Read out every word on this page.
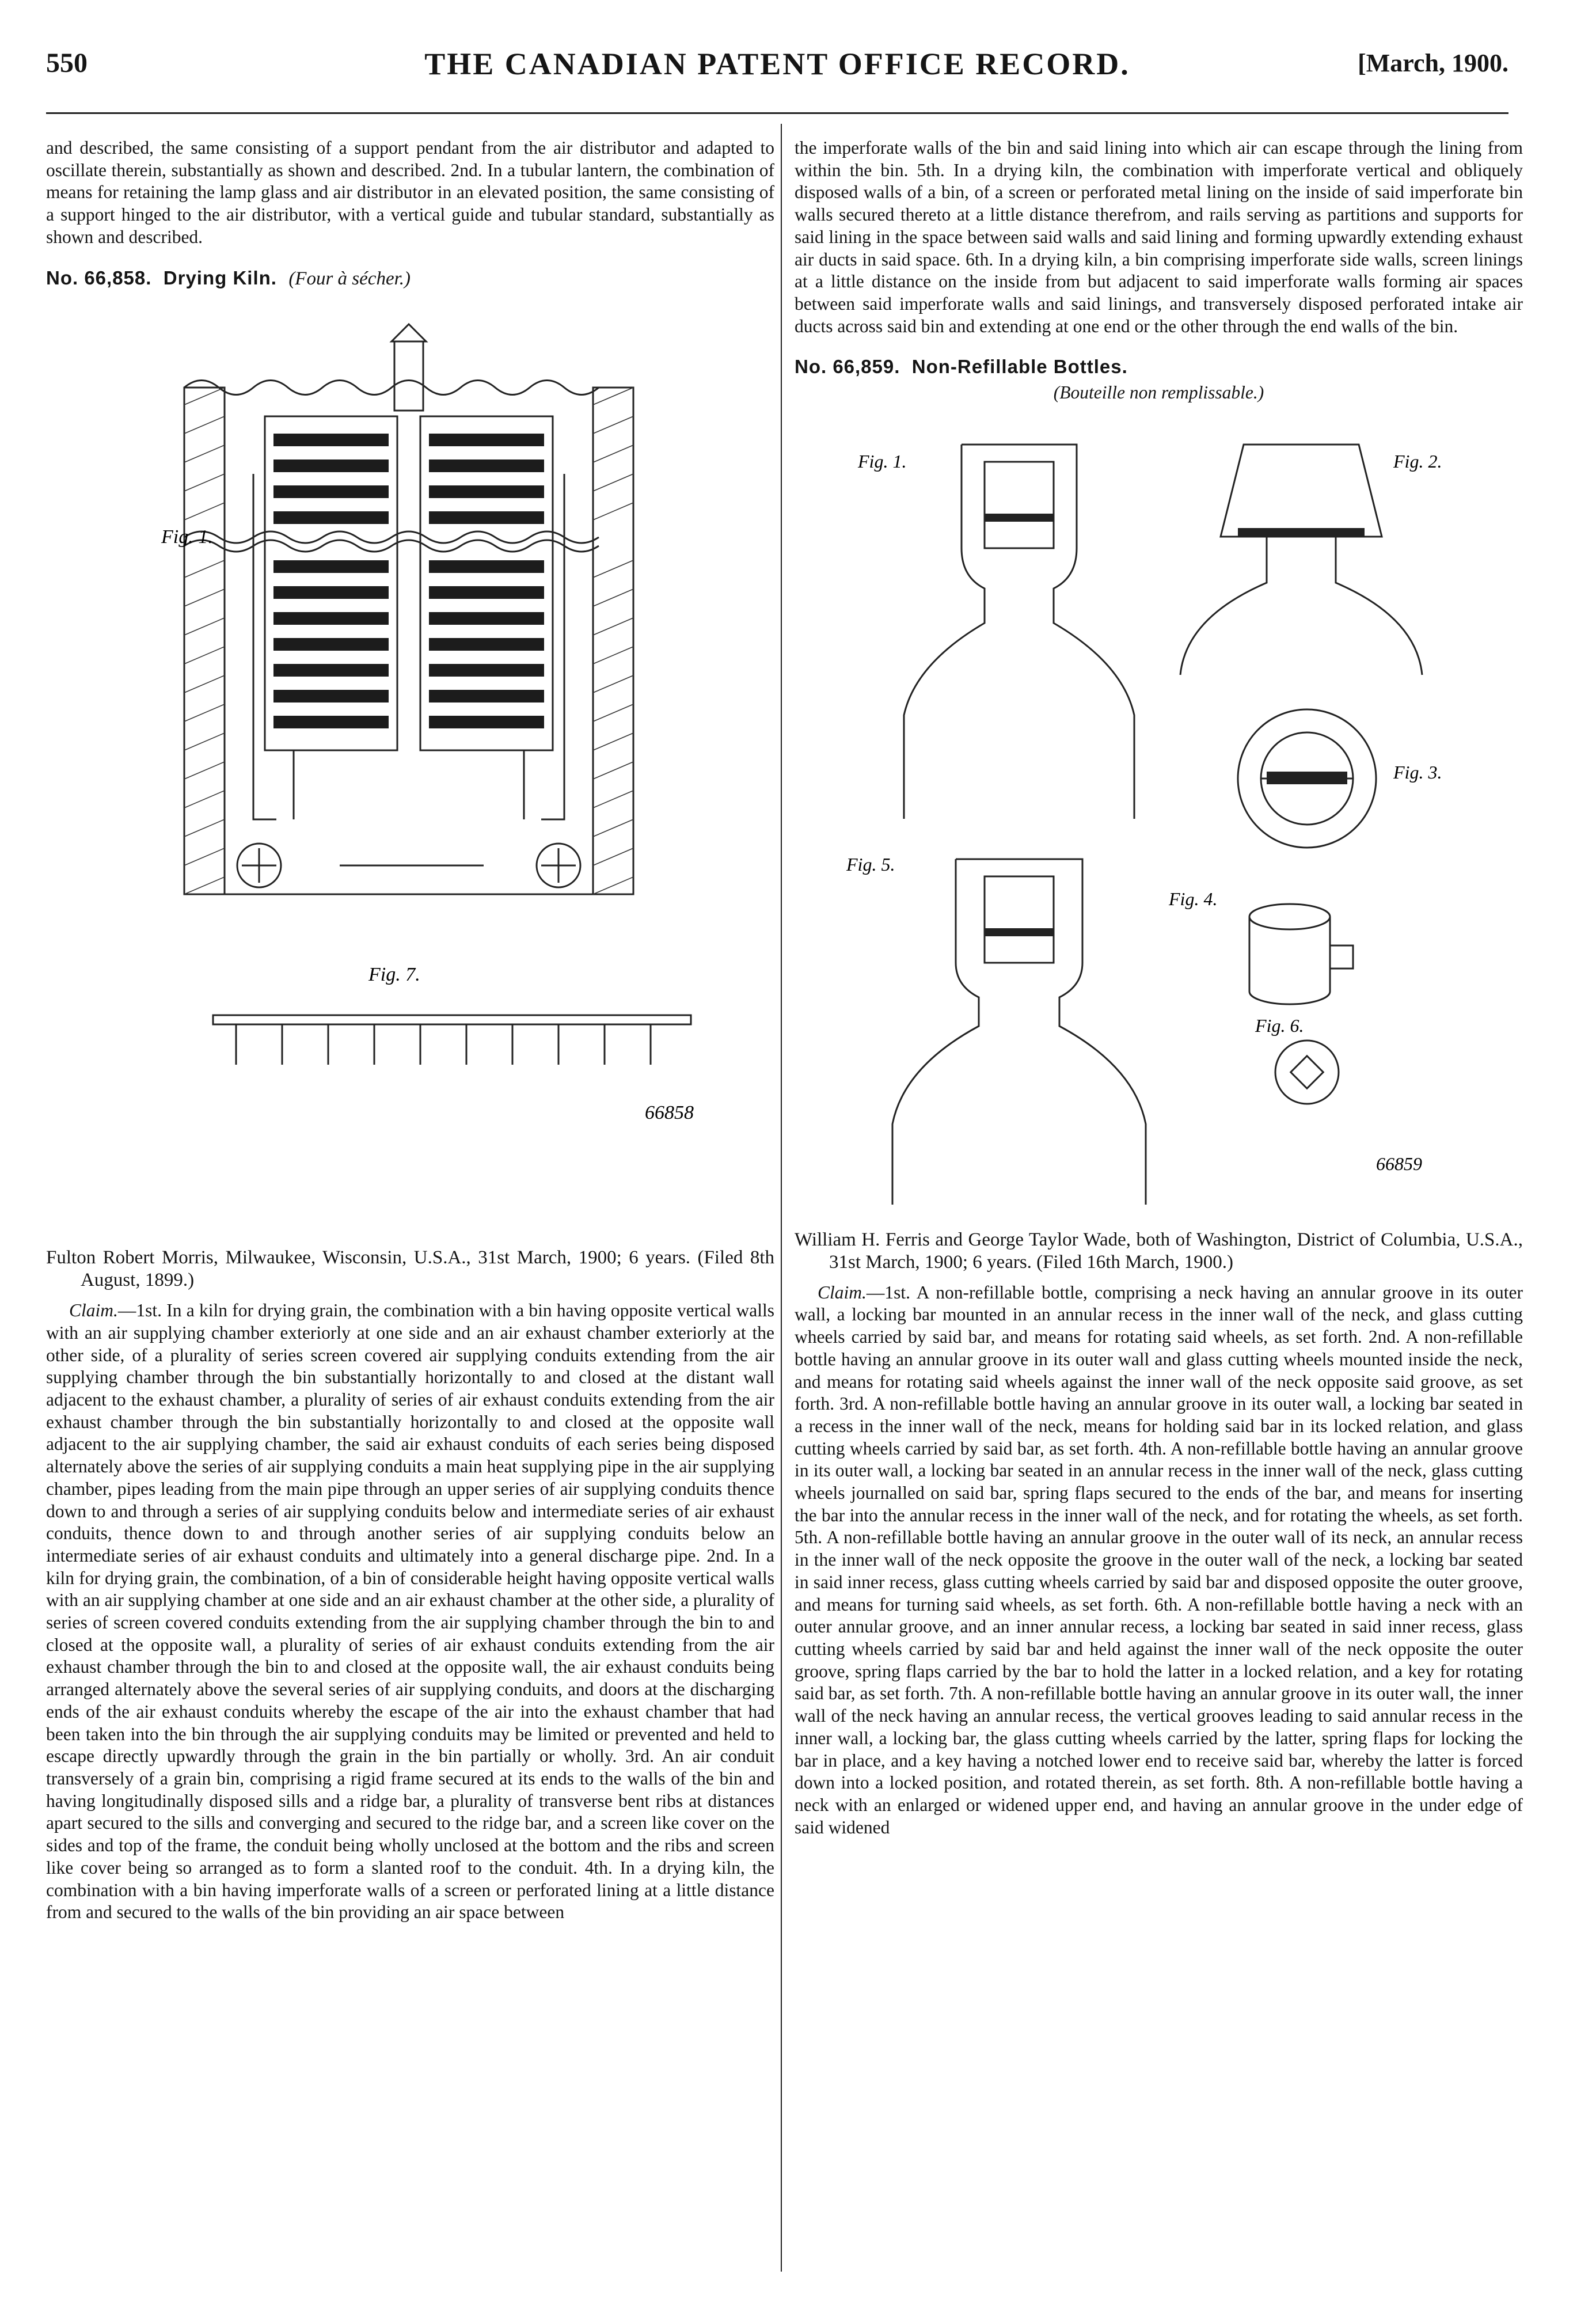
550	THE CANADIAN PATENT OFFICE RECORD.	[March, 1900.

and described, the same consisting of a support pendant from the air distributor and adapted to oscillate therein, substantially as shown and described. 2nd. In a tubular lantern, the combination of means for retaining the lamp glass and air distributor in an elevated position, the same consisting of a support hinged to the air distributor, with a vertical guide and tubular standard, substantially as shown and described.

No. 66,858. Drying Kiln. (Four à sécher.)
Fig. 1.
Fig. 7.
66858

Fulton Robert Morris, Milwaukee, Wisconsin, U.S.A., 31st March, 1900; 6 years. (Filed 8th August, 1899.)

Claim.—1st. In a kiln for drying grain, the combination with a bin having opposite vertical walls with an air supplying chamber exteriorly at one side and an air exhaust chamber exteriorly at the other side, of a plurality of series screen covered air supplying conduits extending from the air supplying chamber through the bin substantially horizontally to and closed at the distant wall adjacent to the exhaust chamber, a plurality of series of air exhaust conduits extending from the air exhaust chamber through the bin substantially horizontally to and closed at the opposite wall adjacent to the air supplying chamber, the said air exhaust conduits of each series being disposed alternately above the series of air supplying conduits a main heat supplying pipe in the air supplying chamber, pipes leading from the main pipe through an upper series of air supplying conduits thence down to and through a series of air supplying conduits below and intermediate series of air exhaust conduits, thence down to and through another series of air supplying conduits below an intermediate series of air exhaust conduits and ultimately into a general discharge pipe. 2nd. In a kiln for drying grain, the combination, of a bin of considerable height having opposite vertical walls with an air supplying chamber at one side and an air exhaust chamber at the other side, a plurality of series of screen covered conduits extending from the air supplying chamber through the bin to and closed at the opposite wall, a plurality of series of air exhaust conduits extending from the air exhaust chamber through the bin to and closed at the opposite wall, the air exhaust conduits being arranged alternately above the several series of air supplying conduits, and doors at the discharging ends of the air exhaust conduits whereby the escape of the air into the exhaust chamber that had been taken into the bin through the air supplying conduits may be limited or prevented and held to escape directly upwardly through the grain in the bin partially or wholly. 3rd. An air conduit transversely of a grain bin, comprising a rigid frame secured at its ends to the walls of the bin and having longitudinally disposed sills and a ridge bar, a plurality of transverse bent ribs at distances apart secured to the sills and converging and secured to the ridge bar, and a screen like cover on the sides and top of the frame, the conduit being wholly unclosed at the bottom and the ribs and screen like cover being so arranged as to form a slanted roof to the conduit. 4th. In a drying kiln, the combination with a bin having imperforate walls of a screen or perforated lining at a little distance from and secured to the walls of the bin providing an air space between

the imperforate walls of the bin and said lining into which air can escape through the lining from within the bin. 5th. In a drying kiln, the combination with imperforate vertical and obliquely disposed walls of a bin, of a screen or perforated metal lining on the inside of said imperforate bin walls secured thereto at a little distance therefrom, and rails serving as partitions and supports for said lining in the space between said walls and said lining and forming upwardly extending exhaust air ducts in said space. 6th. In a drying kiln, a bin comprising imperforate side walls, screen linings at a little distance on the inside from but adjacent to said imperforate walls forming air spaces between said imperforate walls and said linings, and transversely disposed perforated intake air ducts across said bin and extending at one end or the other through the end walls of the bin.

No. 66,859. Non-Refillable Bottles.

(Bouteille non remplissable.)

Fig. 1.	Fig. 2.
Fig. 3.
Fig. 4.
Fig. 5.
Fig. 6.
66859

William H. Ferris and George Taylor Wade, both of Washington, District of Columbia, U.S.A., 31st March, 1900; 6 years. (Filed 16th March, 1900.)

Claim.—1st. A non-refillable bottle, comprising a neck having an annular groove in its outer wall, a locking bar mounted in an annular recess in the inner wall of the neck, and glass cutting wheels carried by said bar, and means for rotating said wheels, as set forth. 2nd. A non-refillable bottle having an annular groove in its outer wall and glass cutting wheels mounted inside the neck, and means for rotating said wheels against the inner wall of the neck opposite said groove, as set forth. 3rd. A non-refillable bottle having an annular groove in its outer wall, a locking bar seated in a recess in the inner wall of the neck, means for holding said bar in its locked relation, and glass cutting wheels carried by said bar, as set forth. 4th. A non-refillable bottle having an annular groove in its outer wall, a locking bar seated in an annular recess in the inner wall of the neck, glass cutting wheels journalled on said bar, spring flaps secured to the ends of the bar, and means for inserting the bar into the annular recess in the inner wall of the neck, and for rotating the wheels, as set forth. 5th. A non-refillable bottle having an annular groove in the outer wall of its neck, an annular recess in the inner wall of the neck opposite the groove in the outer wall of the neck, a locking bar seated in said inner recess, glass cutting wheels carried by said bar and disposed opposite the outer groove, and means for turning said wheels, as set forth. 6th. A non-refillable bottle having a neck with an outer annular groove, and an inner annular recess, a locking bar seated in said inner recess, glass cutting wheels carried by said bar and held against the inner wall of the neck opposite the outer groove, spring flaps carried by the bar to hold the latter in a locked relation, and a key for rotating said bar, as set forth. 7th. A non-refillable bottle having an annular groove in its outer wall, the inner wall of the neck having an annular recess, the vertical grooves leading to said annular recess in the inner wall, a locking bar, the glass cutting wheels carried by the latter, spring flaps for locking the bar in place, and a key having a notched lower end to receive said bar, whereby the latter is forced down into a locked position, and rotated therein, as set forth. 8th. A non-refillable bottle having a neck with an enlarged or widened upper end, and having an annular groove in the under edge of said widened
